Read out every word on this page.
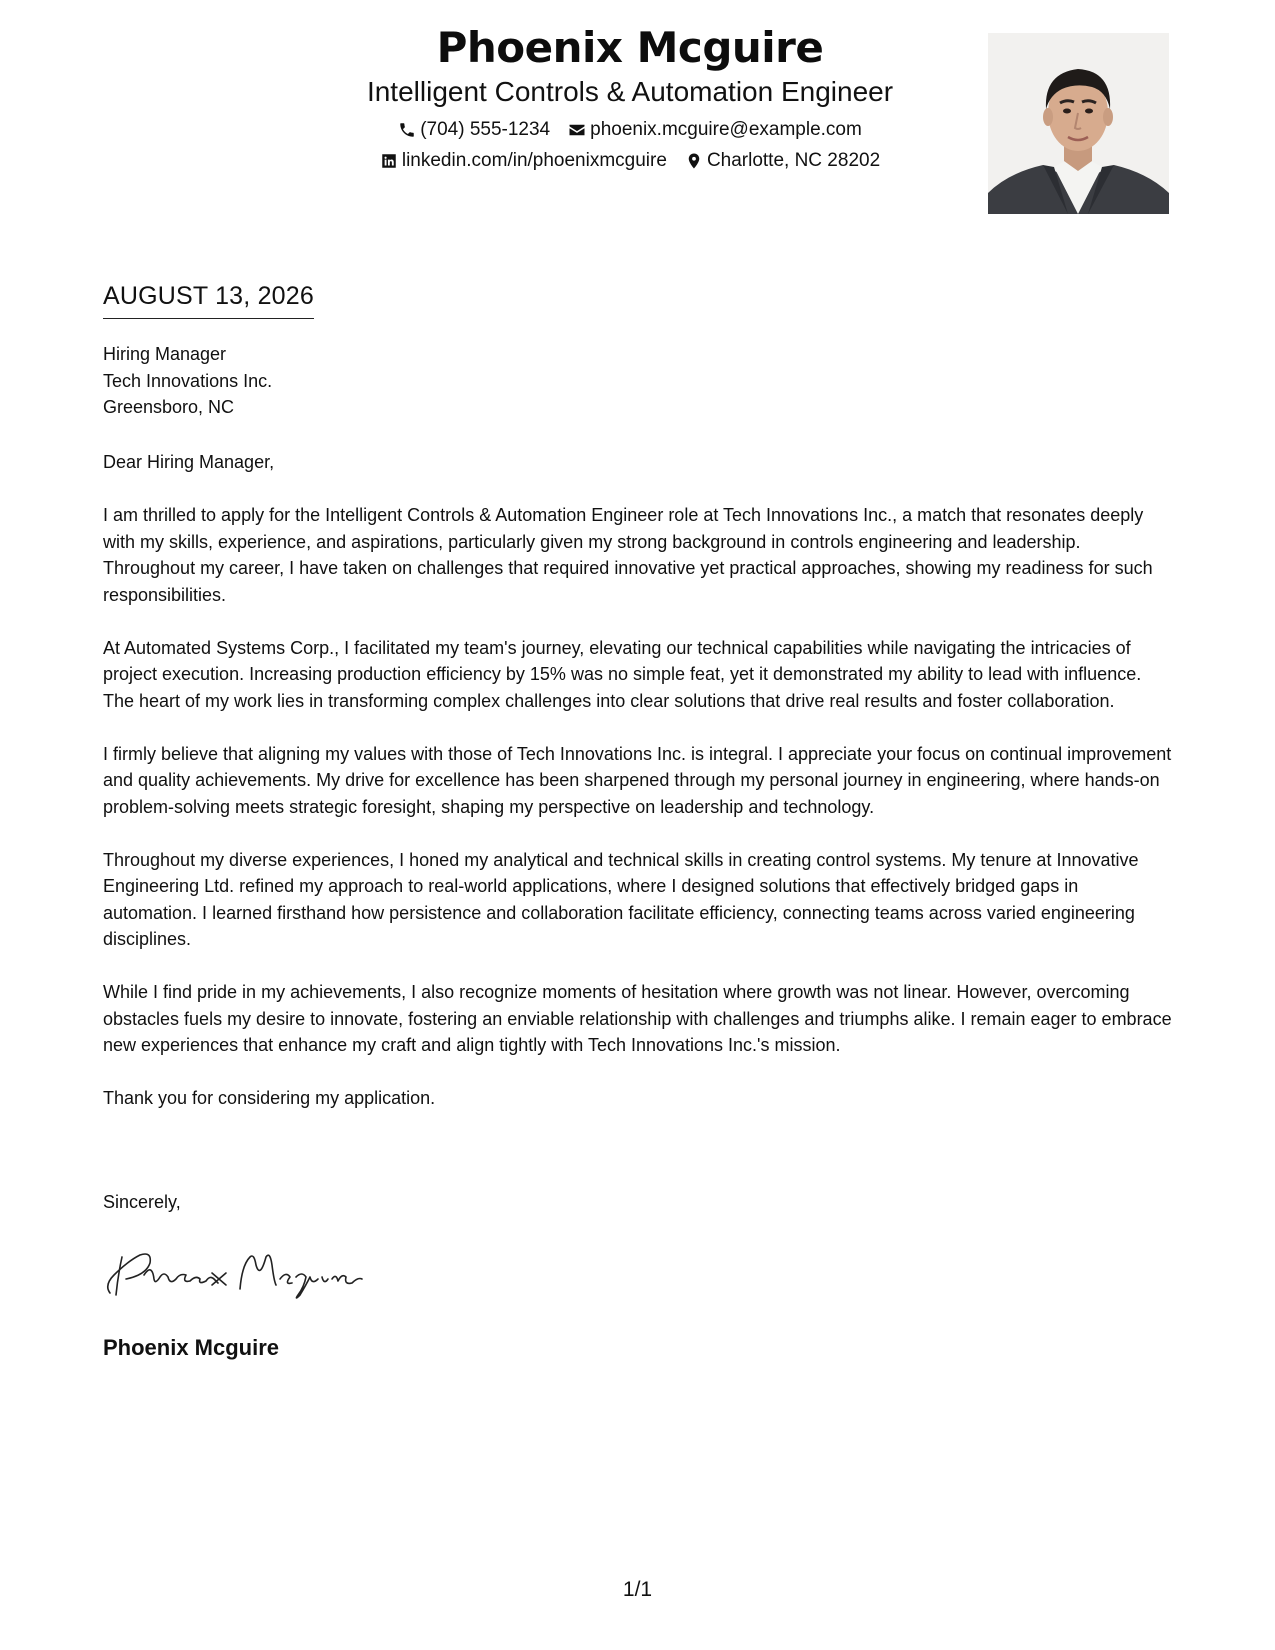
Phoenix Mcguire
Intelligent Controls & Automation Engineer
(704) 555-1234 phoenix.mcguire@example.com
linkedin.com/in/phoenixmcguire Charlotte, NC 28202
AUGUST 13, 2026
Hiring Manager
Tech Innovations Inc.
Greensboro, NC

Dear Hiring Manager,

I am thrilled to apply for the Intelligent Controls & Automation Engineer role at Tech Innovations Inc., a match that resonates deeply with my skills, experience, and aspirations, particularly given my strong background in controls engineering and leadership. Throughout my career, I have taken on challenges that required innovative yet practical approaches, showing my readiness for such responsibilities.

At Automated Systems Corp., I facilitated my team's journey, elevating our technical capabilities while navigating the intricacies of project execution. Increasing production efficiency by 15% was no simple feat, yet it demonstrated my ability to lead with influence. The heart of my work lies in transforming complex challenges into clear solutions that drive real results and foster collaboration.

I firmly believe that aligning my values with those of Tech Innovations Inc. is integral. I appreciate your focus on continual improvement and quality achievements. My drive for excellence has been sharpened through my personal journey in engineering, where hands-on problem-solving meets strategic foresight, shaping my perspective on leadership and technology.

Throughout my diverse experiences, I honed my analytical and technical skills in creating control systems. My tenure at Innovative Engineering Ltd. refined my approach to real-world applications, where I designed solutions that effectively bridged gaps in automation. I learned firsthand how persistence and collaboration facilitate efficiency, connecting teams across varied engineering disciplines.

While I find pride in my achievements, I also recognize moments of hesitation where growth was not linear. However, overcoming obstacles fuels my desire to innovate, fostering an enviable relationship with challenges and triumphs alike. I remain eager to embrace new experiences that enhance my craft and align tightly with Tech Innovations Inc.'s mission.

Thank you for considering my application.

Sincerely,
Phoenix Mcguire
1/1
